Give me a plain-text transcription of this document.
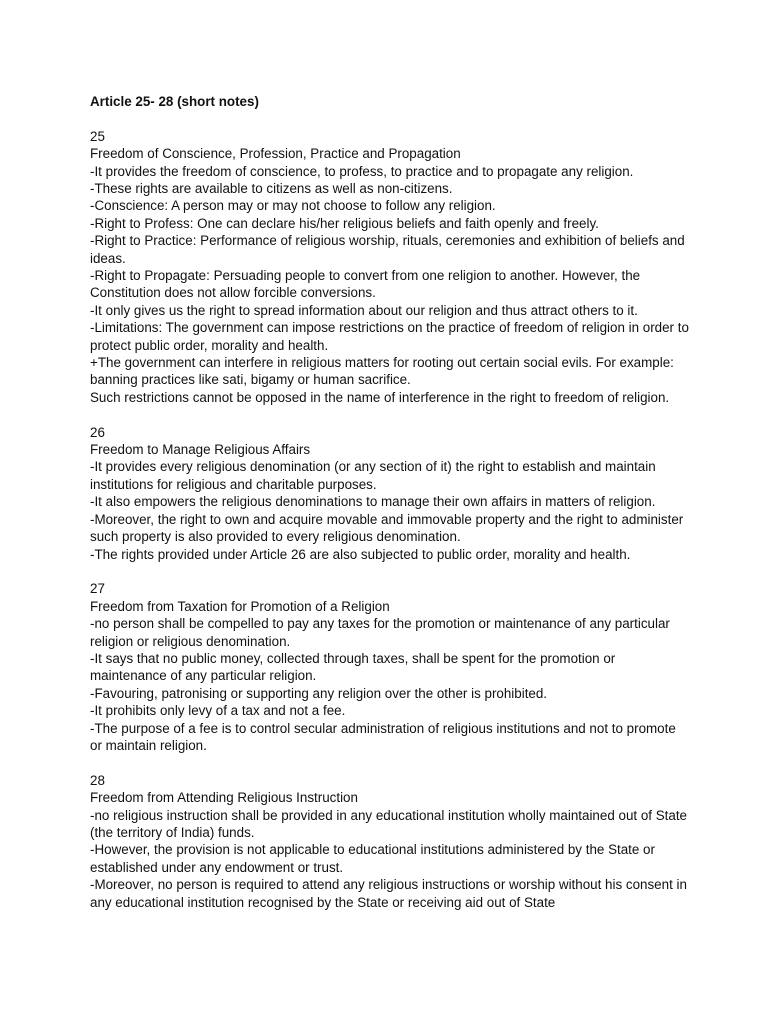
Article 25- 28 (short notes)

25

Freedom of Conscience, Profession, Practice and Propagation

-It provides the freedom of conscience, to profess, to practice and to propagate any religion.

-These rights are available to citizens as well as non-citizens.

-Conscience: A person may or may not choose to follow any religion.

-Right to Profess: One can declare his/her religious beliefs and faith openly and freely.

-Right to Practice: Performance of religious worship, rituals, ceremonies and exhibition of beliefs and ideas.

-Right to Propagate: Persuading people to convert from one religion to another. However, the Constitution does not allow forcible conversions.

-It only gives us the right to spread information about our religion and thus attract others to it.

-Limitations: The government can impose restrictions on the practice of freedom of religion in order to protect public order, morality and health.

+The government can interfere in religious matters for rooting out certain social evils. For example: banning practices like sati, bigamy or human sacrifice.

Such restrictions cannot be opposed in the name of interference in the right to freedom of religion.

26

Freedom to Manage Religious Affairs

-It provides every religious denomination (or any section of it) the right to establish and maintain institutions for religious and charitable purposes.

-It also empowers the religious denominations to manage their own affairs in matters of religion.

-Moreover, the right to own and acquire movable and immovable property and the right to administer such property is also provided to every religious denomination.

-The rights provided under Article 26 are also subjected to public order, morality and health.

27

Freedom from Taxation for Promotion of a Religion

-no person shall be compelled to pay any taxes for the promotion or maintenance of any particular religion or religious denomination.

-It says that no public money, collected through taxes, shall be spent for the promotion or maintenance of any particular religion.

-Favouring, patronising or supporting any religion over the other is prohibited.

-It prohibits only levy of a tax and not a fee.

-The purpose of a fee is to control secular administration of religious institutions and not to promote or maintain religion.

28

Freedom from Attending Religious Instruction

-no religious instruction shall be provided in any educational institution wholly maintained out of State (the territory of India) funds.

-However, the provision is not applicable to educational institutions administered by the State or established under any endowment or trust.

-Moreover, no person is required to attend any religious instructions or worship without his consent in any educational institution recognised by the State or receiving aid out of State
